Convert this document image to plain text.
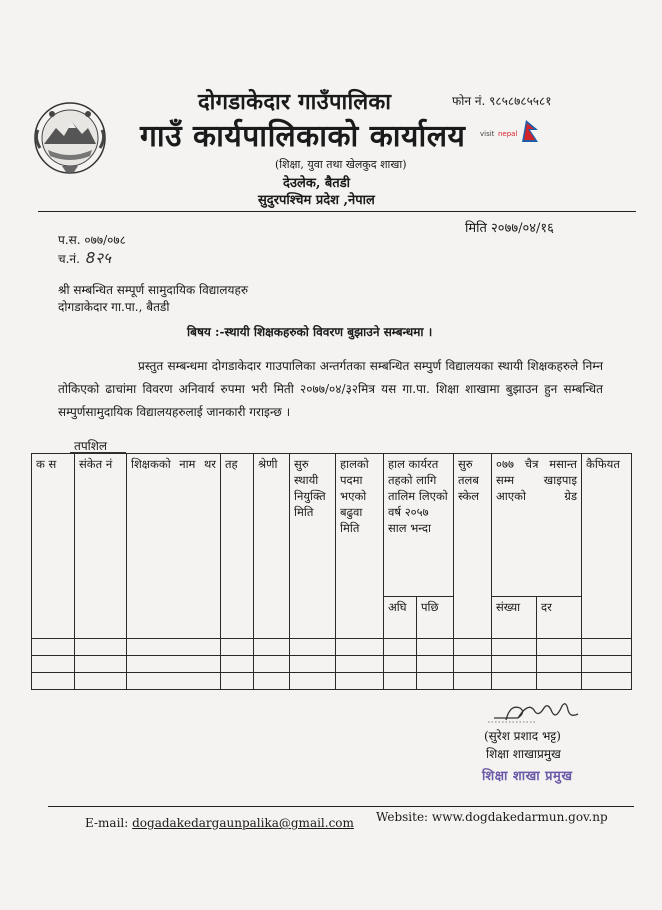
visit nepal
दोगडाकेदार गाउँपालिका	फोन नं. ९८५८७८५५८१
गाउँ कार्यपालिकाको कार्यालय
(शिक्षा, युवा तथा खेलकुद शाखा)
देउलेक, बैतडी
सुदुरपश्चिम प्रदेश ,नेपाल
मिति २०७७/०४/१६
प.स. ०७७/०७८
च.नं. 8२५
श्री सम्बन्धित सम्पूर्ण सामुदायिक विद्यालयहरु
दोगडाकेदार गा.पा., बैतडी
बिषय :-स्थायी शिक्षकहरुको विवरण बुझाउने सम्बन्धमा ।
प्रस्तुत सम्बन्धमा दोगडाकेदार गाउपालिका अन्तर्गतका सम्बन्धित सम्पुर्ण विद्यालयका स्थायी शिक्षकहरुले निम्न तोकिएको ढाचांमा विवरण अनिवार्य रुपमा भरी मिती २०७७/०४/३२मित्र यस गा.पा. शिक्षा शाखामा बुझाउन हुन सम्बन्धित सम्पुर्णसामुदायिक विद्यालयहरुलाई जानकारी गराइन्छ ।
तपशिल
क स	संकेत नं	शिक्षकको नाम थर	तह	श्रेणी	सुरु स्थायी नियुक्ति मिति	हालको पदमा भएको बढुवा मिति	हाल कार्यरत तहको लागि तालिम लिएको वर्ष २०५७ साल भन्दा		सुरु तलब स्केल	०७७ चैत्र मसान्त सम्म खाइपाइ आएको ग्रेड		कैफियत
							अघि	पछि		संख्या	दर	

(सुरेश प्रशाद भट्ट)
शिक्षा शाखाप्रमुख
शिक्षा शाखा प्रमुख
E-mail: dogadakedargaunpalika@gmail.com Website: www.dogdakedarmun.gov.np
